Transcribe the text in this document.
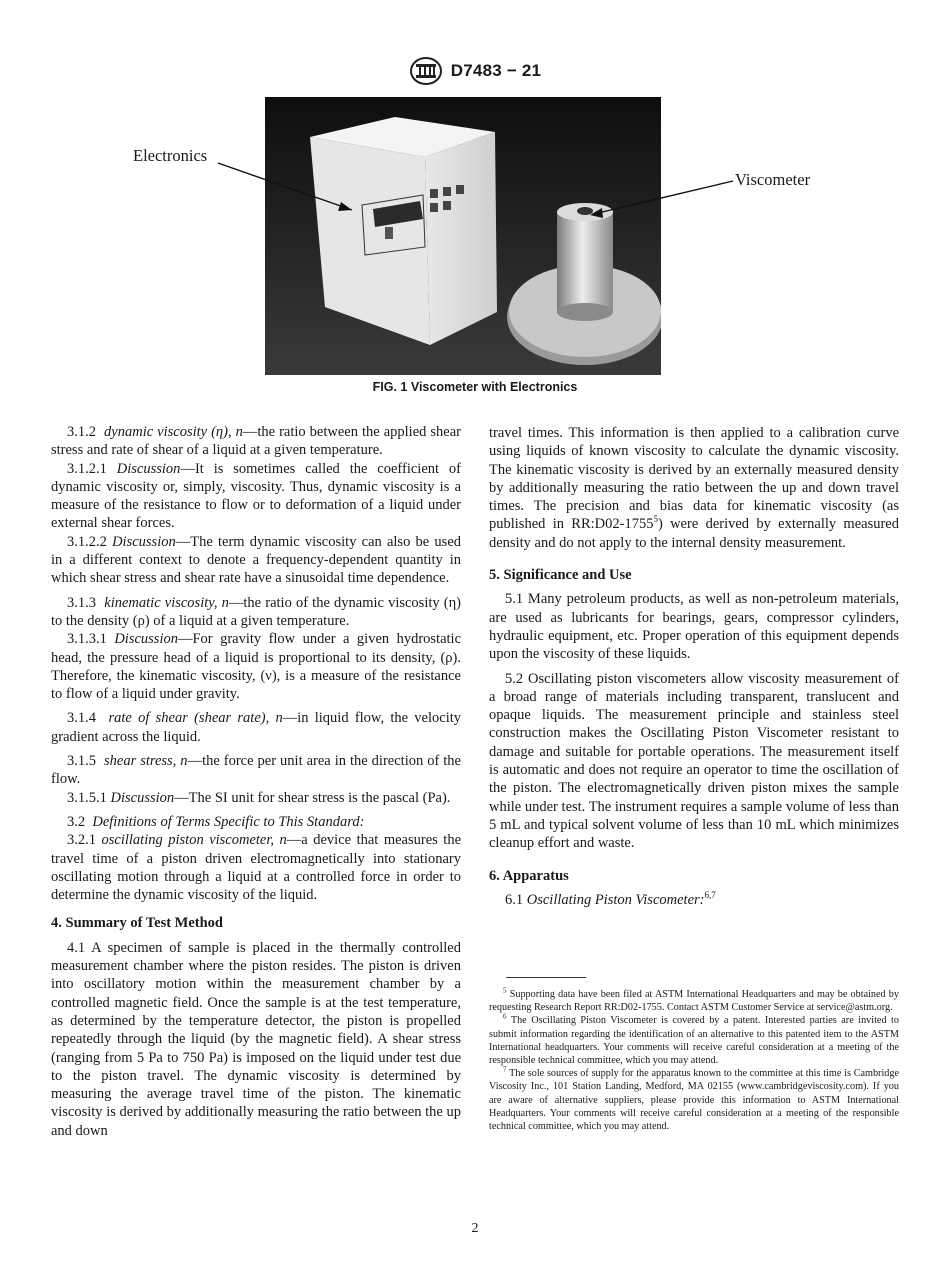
D7483 − 21
Electronics
Viscometer
FIG. 1 Viscometer with Electronics

3.1.2 dynamic viscosity (η), n—the ratio between the applied shear stress and rate of shear of a liquid at a given temperature.

3.1.2.1 Discussion—It is sometimes called the coefficient of dynamic viscosity or, simply, viscosity. Thus, dynamic viscosity is a measure of the resistance to flow or to deformation of a liquid under external shear forces.

3.1.2.2 Discussion—The term dynamic viscosity can also be used in a different context to denote a frequency-dependent quantity in which shear stress and shear rate have a sinusoidal time dependence.

3.1.3 kinematic viscosity, n—the ratio of the dynamic viscosity (η) to the density (ρ) of a liquid at a given temperature.

3.1.3.1 Discussion—For gravity flow under a given hydrostatic head, the pressure head of a liquid is proportional to its density, (ρ). Therefore, the kinematic viscosity, (ν), is a measure of the resistance to flow of a liquid under gravity.

3.1.4 rate of shear (shear rate), n—in liquid flow, the velocity gradient across the liquid.

3.1.5 shear stress, n—the force per unit area in the direction of the flow.

3.1.5.1 Discussion—The SI unit for shear stress is the pascal (Pa).

3.2 Definitions of Terms Specific to This Standard:

3.2.1 oscillating piston viscometer, n—a device that measures the travel time of a piston driven electromagnetically into stationary oscillating motion through a liquid at a controlled force in order to determine the dynamic viscosity of the liquid.

4. Summary of Test Method

4.1 A specimen of sample is placed in the thermally controlled measurement chamber where the piston resides. The piston is driven into oscillatory motion within the measurement chamber by a controlled magnetic field. Once the sample is at the test temperature, as determined by the temperature detector, the piston is propelled repeatedly through the liquid (by the magnetic field). A shear stress (ranging from 5 Pa to 750 Pa) is imposed on the liquid under test due to the piston travel. The dynamic viscosity is determined by measuring the average travel time of the piston. The kinematic viscosity is derived by additionally measuring the ratio between the up and down

travel times. This information is then applied to a calibration curve using liquids of known viscosity to calculate the dynamic viscosity. The kinematic viscosity is derived by an externally measured density by additionally measuring the ratio between the up and down travel times. The precision and bias data for kinematic viscosity (as published in RR:D02-1755$^5$) were derived by externally measured density and do not apply to the internal density measurement.

5. Significance and Use

5.1 Many petroleum products, as well as non-petroleum materials, are used as lubricants for bearings, gears, compressor cylinders, hydraulic equipment, etc. Proper operation of this equipment depends upon the viscosity of these liquids.

5.2 Oscillating piston viscometers allow viscosity measurement of a broad range of materials including transparent, translucent and opaque liquids. The measurement principle and stainless steel construction makes the Oscillating Piston Viscometer resistant to damage and suitable for portable operations. The measurement itself is automatic and does not require an operator to time the oscillation of the piston. The electromagnetically driven piston mixes the sample while under test. The instrument requires a sample volume of less than 5 mL and typical solvent volume of less than 10 mL which minimizes cleanup effort and waste.

6. Apparatus

6.1 Oscillating Piston Viscometer:$^{6,7}$

$^5$ Supporting data have been filed at ASTM International Headquarters and may be obtained by requesting Research Report RR:D02-1755. Contact ASTM Customer Service at service@astm.org.

$^6$ The Oscillating Piston Viscometer is covered by a patent. Interested parties are invited to submit information regarding the identification of an alternative to this patented item to the ASTM International headquarters. Your comments will receive careful consideration at a meeting of the responsible technical committee, which you may attend.

$^7$ The sole sources of supply for the apparatus known to the committee at this time is Cambridge Viscosity Inc., 101 Station Landing, Medford, MA 02155 (www.cambridgeviscosity.com). If you are aware of alternative suppliers, please provide this information to ASTM International Headquarters. Your comments will receive careful consideration at a meeting of the responsible technical committee, which you may attend.

2
